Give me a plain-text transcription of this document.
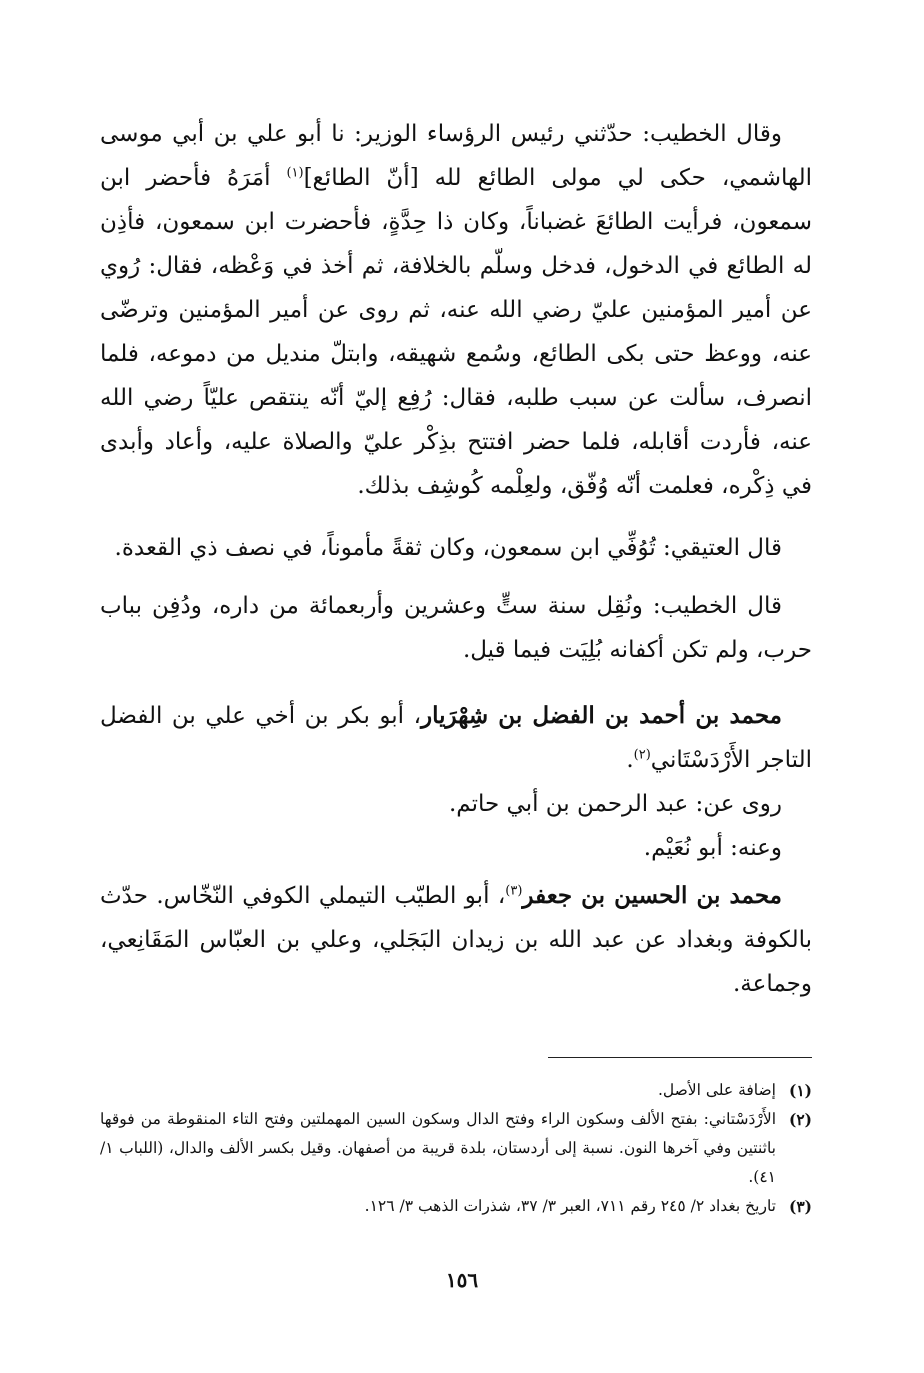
وقال الخطيب: حدّثني رئيس الرؤساء الوزير: نا أبو علي بن أبي موسى الهاشمي، حكى لي مولى الطائع لله [أنّ الطائع]$^{(١)}$ أمَرَهُ فأحضر ابن سمعون، فرأيت الطائعَ غضباناً، وكان ذا حِدَّةٍ، فأحضرت ابن سمعون، فأذِن له الطائع في الدخول، فدخل وسلّم بالخلافة، ثم أخذ في وَعْظه، فقال: رُوي عن أمير المؤمنين عليّ رضي الله عنه، ثم روى عن أمير المؤمنين وترضّى عنه، ووعظ حتى بكى الطائع، وسُمع شهيقه، وابتلّ منديل من دموعه، فلما انصرف، سألت عن سبب طلبه، فقال: رُفِع إليّ أنّه ينتقص عليّاً رضي الله عنه، فأردت أقابله، فلما حضر افتتح بذِكْر عليّ والصلاة عليه، وأعاد وأبدى في ذِكْره، فعلمت أنّه وُفّق، ولعِلْمه كُوشِف بذلك.

قال العتيقي: تُوُفِّي ابن سمعون، وكان ثقةً مأموناً، في نصف ذي القعدة.

قال الخطيب: ونُقِل سنة ستٍّ وعشرين وأربعمائة من داره، ودُفِن بباب حرب، ولم تكن أكفانه بُلِيَت فيما قيل.

محمد بن أحمد بن الفضل بن شِهْرَيار، أبو بكر بن أخي علي بن الفضل التاجر الأَرْدَسْتَاني$^{(٢)}$.

روى عن: عبد الرحمن بن أبي حاتم.

وعنه: أبو نُعَيْم.

محمد بن الحسين بن جعفر$^{(٣)}$، أبو الطيّب التيملي الكوفي النّخّاس. حدّث بالكوفة وبغداد عن عبد الله بن زيدان البَجَلي، وعلي بن العبّاس المَقَانِعي، وجماعة.

(١)
إضافة على الأصل.
(٢)
الأَرْدَسْتاني: بفتح الألف وسكون الراء وفتح الدال وسكون السين المهملتين وفتح التاء المنقوطة من فوقها باثنتين وفي آخرها النون. نسبة إلى أردستان، بلدة قريبة من أصفهان. وقيل بكسر الألف والدال، (اللباب ١/ ٤١).
(٣)
تاريخ بغداد ٢/ ٢٤٥ رقم ٧١١، العبر ٣/ ٣٧، شذرات الذهب ٣/ ١٢٦.
١٥٦
